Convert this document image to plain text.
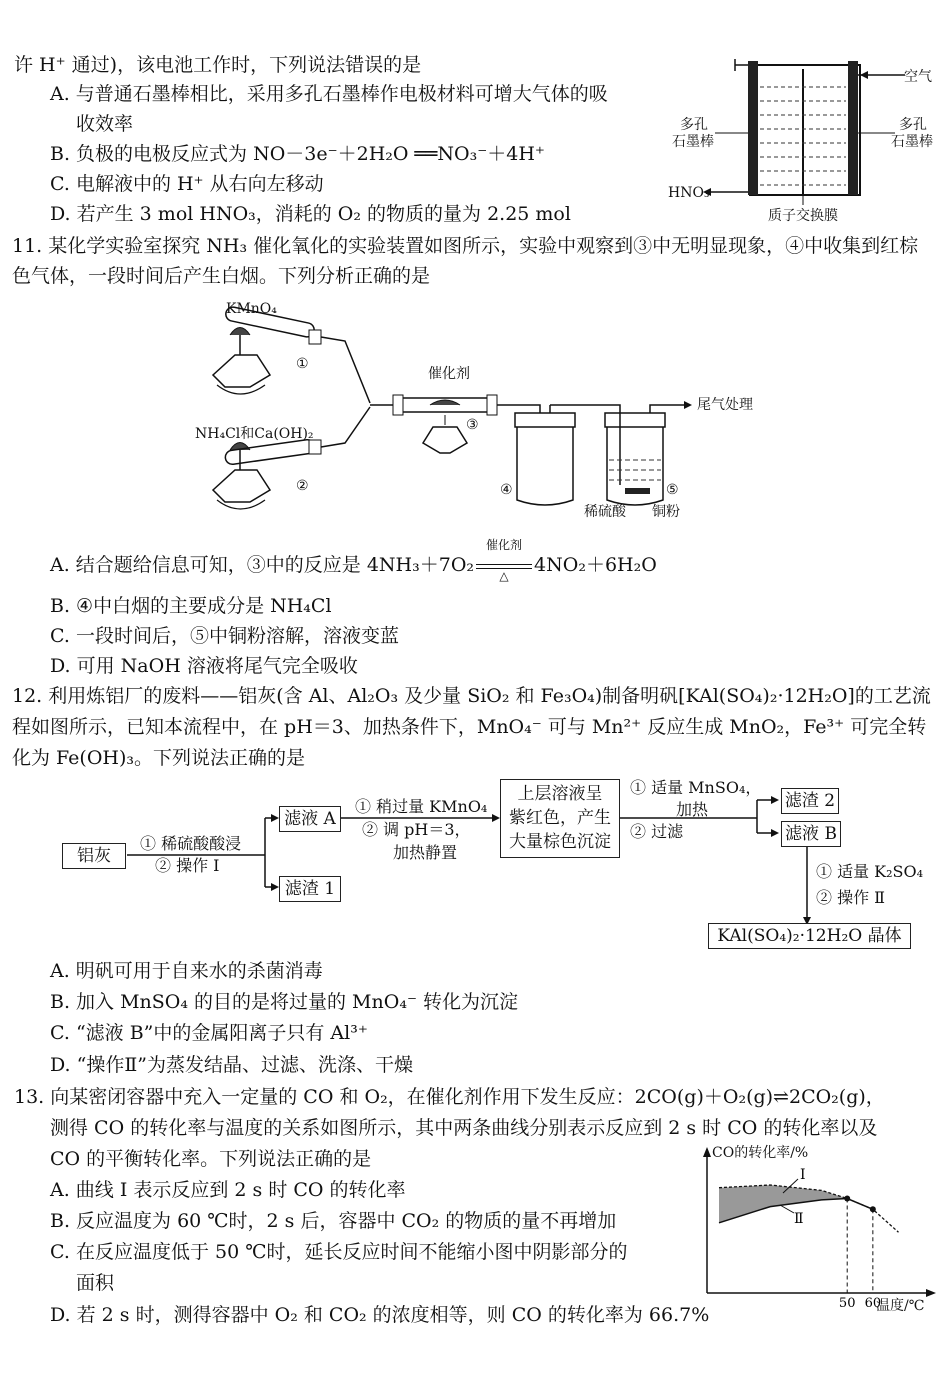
许 H⁺ 通过)，该电池工作时，下列说法错误的是
A. 与普通石墨棒相比，采用多孔石墨棒作电极材料可增大气体的吸
收效率
B. 负极的电极反应式为 NO－3e⁻＋2H₂O ══NO₃⁻＋4H⁺
C. 电解液中的 H⁺ 从右向左移动
D. 若产生 3 mol HNO₃，消耗的 O₂ 的物质的量为 2.25 mol
空气
多孔
石墨棒
多孔
石墨棒
HNO₃
质子交换膜
11. 某化学实验室探究 NH₃ 催化氧化的实验装置如图所示，实验中观察到③中无明显现象，④中收集到红棕色气体，一段时间后产生白烟。下列分析正确的是
KMnO₄
NH₄Cl和Ca(OH)₂
催化剂
尾气处理
稀硫酸 铜粉
①
②
③
④	⑤
A. 结合题给信息可知，③中的反应是 4NH₃＋7O₂
催化剂
△	4NO₂＋6H₂O
B. ④中白烟的主要成分是 NH₄Cl
C. 一段时间后，⑤中铜粉溶解，溶液变蓝
D. 可用 NaOH 溶液将尾气完全吸收
12. 利用炼铝厂的废料——铝灰(含 Al、Al₂O₃ 及少量 SiO₂ 和 Fe₃O₄)制备明矾[KAl(SO₄)₂·12H₂O]的工艺流程如图所示，已知本流程中，在 pH＝3、加热条件下，MnO₄⁻ 可与 Mn²⁺ 反应生成 MnO₂，Fe³⁺ 可完全转化为 Fe(OH)₃。下列说法正确的是
铝灰
① 稀硫酸酸浸
② 操作 Ⅰ
滤液 A
滤渣 1
① 稍过量 KMnO₄
② 调 pH＝3，
加热静置
上层溶液呈
紫红色，产生
大量棕色沉淀
① 适量 MnSO₄，
加热
② 过滤
滤渣 2
滤液 B
① 适量 K₂SO₄
② 操作 Ⅱ
KAl(SO₄)₂·12H₂O 晶体
A. 明矾可用于自来水的杀菌消毒
B. 加入 MnSO₄ 的目的是将过量的 MnO₄⁻ 转化为沉淀
C. “滤液 B”中的金属阳离子只有 Al³⁺
D. “操作Ⅱ”为蒸发结晶、过滤、洗涤、干燥
13. 向某密闭容器中充入一定量的 CO 和 O₂，在催化剂作用下发生反应：2CO(g)＋O₂(g)⇌2CO₂(g)，
测得 CO 的转化率与温度的关系如图所示，其中两条曲线分别表示反应到 2 s 时 CO 的转化率以及
CO 的平衡转化率。下列说法正确的是
A. 曲线 Ⅰ 表示反应到 2 s 时 CO 的转化率
B. 反应温度为 60 ℃时，2 s 后，容器中 CO₂ 的物质的量不再增加
C. 在反应温度低于 50 ℃时，延长反应时间不能缩小图中阴影部分的
面积
D. 若 2 s 时，测得容器中 O₂ 和 CO₂ 的浓度相等，则 CO 的转化率为 66.7%
Ⅰ
Ⅱ
50 60
CO的转化率/%
温度/℃
